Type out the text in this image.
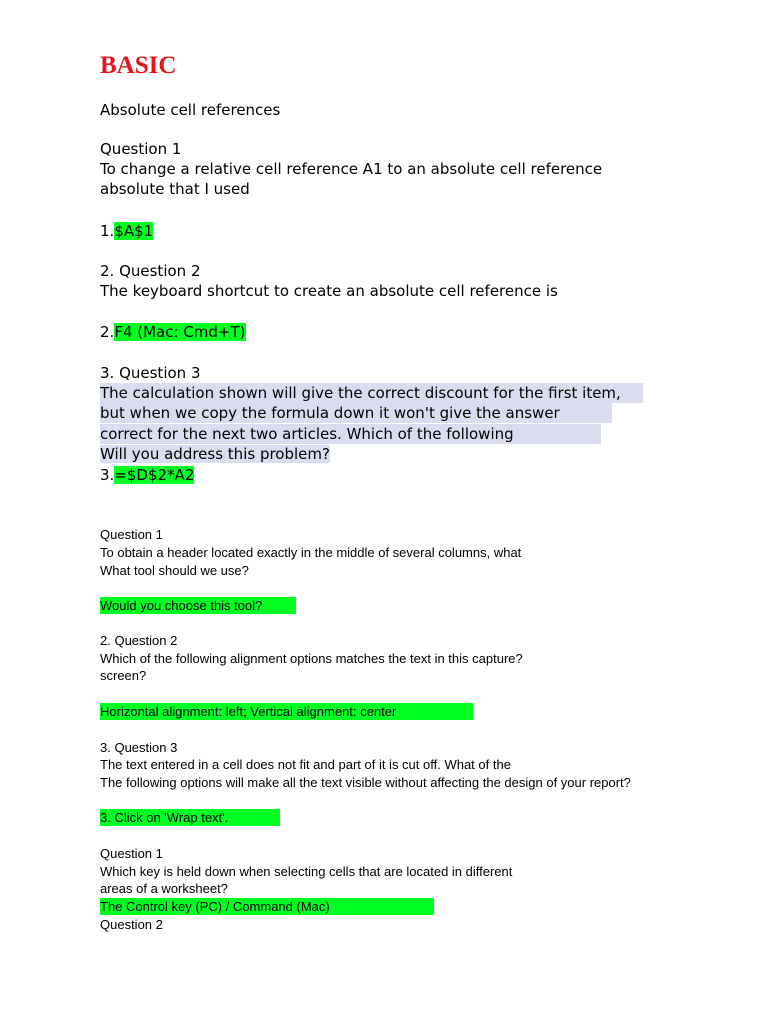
BASIC
Absolute cell references
Question 1
To change a relative cell reference A1 to an absolute cell reference
absolute that I used
1.$A$1
2. Question 2
The keyboard shortcut to create an absolute cell reference is
2.F4 (Mac: Cmd+T)
3. Question 3
The calculation shown will give the correct discount for the first item,
but when we copy the formula down it won't give the answer
correct for the next two articles. Which of the following
Will you address this problem?
3.=$D$2*A2
Question 1
To obtain a header located exactly in the middle of several columns, what
What tool should we use?
Would you choose this tool?
2. Question 2
Which of the following alignment options matches the text in this capture?
screen?
Horizontal alignment: left; Vertical alignment: center
3. Question 3
The text entered in a cell does not fit and part of it is cut off. What of the
The following options will make all the text visible without affecting the design of your report?
3. Click on 'Wrap text'.
Question 1
Which key is held down when selecting cells that are located in different
areas of a worksheet?
The Control key (PC) / Command (Mac)
Question 2
